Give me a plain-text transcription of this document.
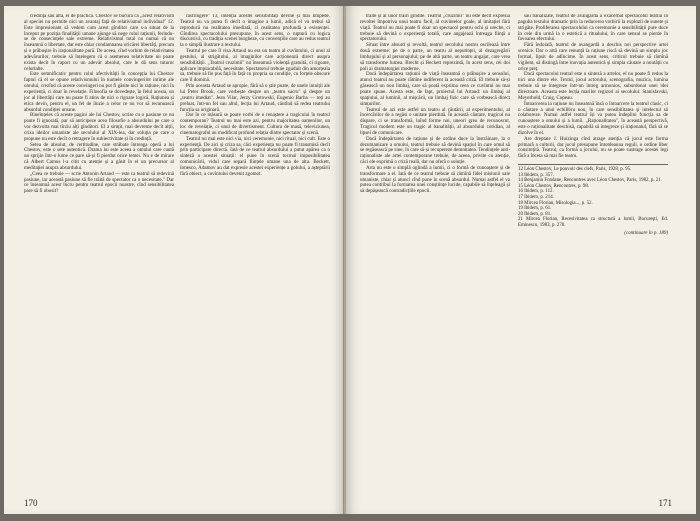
credință sau altă, el de practică. Chestov se bucură că „acest relativism al speciei nu permite nici un avantaj față de relativismul individual" 12. Este impresionant să vedem cum acest gînditor care s-a situat de la început pe poziția finalității umane ajunge să nege rolul rațiunii, ferindu-se de consecințele sale extreme. Relativismul total nu numai că nu înseamnă o libertate, dar este chiar condamnarea oricărei libertăți, precum și o prăbușire în iraționalitate pură. De aceea, cînd vorbim de relativitatea adevărurilor, trebuie să înțelegem că o asemenea relativitate nu poate exista decît în raport cu un adevăr absolut, care le dă sens tuturor celorlalte.

Este semnificativ pentru rolul afectivității în concepția lui Chestov faptul că el se opune relativismului în numele convingerilor intime ale omului, crezînd că aceste convingeri nu pot fi găsite nici în rațiune, nici în experiență, ci doar în revelație. Filosofia se dovedește, în felul acesta, un joc al libertății care nu poate fi atins de nici o rigoare logică. Rațiunea și etica devin, pentru el, un fel de iluzie a celor ce nu vor să recunoască absurdul condiției umane.

Bineînțeles că aceste pagini ale lui Chestov, scrise cu o pasiune ce nu poate fi ignorată, par să anticipeze acea filosofie a absurdului pe care o vor dezvolta mai tîrziu alți gînditori. El a simțit, mai devreme decît alții, criza ideilor umaniste ale secolului al XIX-lea, dar soluția pe care o propune nu este decît o retragere în subiectivitate și în credință.

Setea de absolut, de certitudine, care străbate întreaga operă a lui Chestov, este o sete autentică. Drama lui este aceea a omului care caută un sprijin într-o lume ce pare să-și fi pierdut orice temei. Nu e de mirare că Albert Camus l-a citit cu atenție și a găsit în el un precursor al meditației asupra absurdului.

„Ceea ce trebuie — scrie Antonin Artaud — este ca teatrul să redevină pasiune, iar această pasiune să fie trăită de spectator ca o necesitate." Dar ce înseamnă acest lucru pentru teatrul epocii noastre, cînd sensibilitatea pare să fi obosit?

răsfrîngere" 13, intenția acestei sensibilități devine și mai limpede. Teatrul nu va putea fi decît o imagine a lumii, adică el va trebui să reproducă nu realitatea imediată, ci realitatea profundă a existenței. Gîndirea spectacolului presupune, în acest sens, o ruptură cu logica discursivă, cu tradiția scenei burgheze, cu convențiile care au redus teatrul la o simplă ilustrare a textului.

Teatrul pe care îl visa Artaud nu era un teatru al cuvîntului, ci unul al gestului, al strigătului, al imaginilor care acționează direct asupra sensibilității. „Teatrul cruzimii" nu înseamnă violență gratuită, ci rigoare, aplicare implacabilă, necesitate. Spectatorul trebuie zguduit din amorțeala sa, trebuie să fie pus față în față cu propria sa condiție, cu forțele obscure care îl domină.

Prin aceasta Artaud se apropie, fără să o știe poate, de unele intuiții ale lui Peter Brook, care vorbește despre un „teatru sacru" și despre un „teatru imediat". Jean Vilar, Jerzy Grotowski, Eugenio Barba — toți au preluat, într-un fel sau altul, lecția lui Artaud, căutînd să redea teatrului funcția sa originară.

Dar în ce măsură se poate vorbi de o renaștere a tragicului în teatrul contemporan? Teatrul nu mai este azi, pentru majoritatea oamenilor, un loc de revelație, ci unul de divertisment. Cultura de masă, televiziunea, cinematograful au modificat profund relația dintre spectator și scenă.

Teatrul nu mai este nici via, nici ceremonie, nici ritual, nici cult. Este o experiență. De aici și criza sa, căci experiența nu poate fi transmisă decît prin participare directă. Iată de ce teatrul absurdului a putut apărea ca o sinteză a acestei situații: el pune în scenă tocmai imposibilitatea comunicării, vidul care separă ființele umane una de alta. Beckett, Ionesco, Adamov au dat expresie acestei experiențe a golului, a așteptării fără obiect, a cuvîntului devenit zgomot.

170

trăite și al unor trăiri gîndite. Teatrul „cruzimii" nu este decît expresia revoltei împotriva unui teatru facil, al cuvintelor goale, al imitației fără viață. Teatrul nu mai poate fi doar un spectacol pentru ochi și ureche, ci trebuie să devină o experiență totală, care angajează întreaga ființă a spectatorului.

Situat între absurd și revoltă, teatrul secolului nostru oscilează între două extreme: pe de o parte, un teatru al neputinței, al dezagregării limbajului și al personajului; pe de altă parte, un teatru angajat, care vrea să transforme lumea. Brecht și Beckett reprezintă, în acest sens, cei doi poli ai dramaturgiei moderne.

Dacă îndepărtarea rațiunii de viață înseamnă o prăbușire a sensului, atunci teatrul nu poate rămîne indiferent la această criză. El trebuie să-și găsească un nou limbaj, care să poată exprima ceea ce cuvîntul nu mai poate spune. Acesta este, de fapt, proiectul lui Artaud: un limbaj al spațiului, al luminii, al mișcării, un limbaj fizic care să vorbească direct simțurilor.

Teatrul de azi este astfel un teatru al căutării, al experimentului, al încercărilor de a regăsi o unitate pierdută. În această căutare, tragicul nu dispare, ci se transformă, luînd forme noi, uneori greu de recunoscut. Tragicul modern este un tragic al banalității, al absurdului cotidian, al lipsei de comunicare.

Dacă îndepărtarea de rațiune și de ordine duce la înstrăinare, la o dezumanizare a omului, teatrul trebuie să devină spațiul în care omul să se regăsească pe sine, în care să-și recupereze demnitatea. Tendințele anti-raționaliste ale artei contemporane trebuie, de aceea, privite cu atenție, căci ele exprimă o criză reală, dar nu oferă o soluție.

Arta nu este o simplă oglindă a lumii, ci o formă de cunoaștere și de transformare a ei. Iată de ce teatrul trebuie să rămînă fidel misiunii sale umaniste, chiar și atunci cînd pune în scenă absurdul. Numai astfel el va putea contribui la formarea unei conștiințe lucide, capabile să înțeleagă și să depășească contradicțiile epocii.

sau banalizate, teatrul de avangardă a exacerbat spectacolul teatral în paguba textului dramatic prin la reducerea vorbirii la explozii de sunete și strigăte. Proliferarea spectacolului ca ceremonie a sensibilității pure duce în cele din urmă la o estetică a ritualului, în care sensul se pierde în favoarea efectului.

Fără îndoială, teatrul de avangardă a deschis noi perspective artei scenice. Dar o artă care renunță la rațiune riscă să devină un simplu joc formal, lipsit de adîncime. În acest sens, criticul trebuie să rămînă vigilent, să distingă între inovația autentică și simpla căutare a noutății cu orice preț.

Dacă spectacolul teatral este o sinteză a artelor, el nu poate fi redus la nici una dintre ele. Textul, jocul actorului, scenografia, muzica, lumina trebuie să se integreze într-un întreg armonios, subordonat unei idei directoare. Aceasta este lecția marilor regizori ai secolului: Stanislavski, Meyerhold, Craig, Copeau.

Întoarcerea la rațiune nu înseamnă însă o întoarcere la teatrul clasic, ci o căutare a unui echilibru nou, în care sensibilitatea și intelectul să colaboreze. Numai astfel teatrul își va putea îndeplini funcția sa de cunoaștere a omului și a lumii. „Raționalitatea", în această perspectivă, este o raționalitate deschisă, capabilă să integreze și iraționalul, fără să se dizolve în el.

Are dreptate J. Huizinga cînd atrage atenția că jocul este forma primară a culturii, dar jocul presupune întotdeauna reguli, o ordine liber consimțită. Teatrul, ca formă a jocului, nu se poate sustrage acestei legi fără a înceta să mai fie teatru.

12 Léon Chestov, Le pouvoir des clefs, Paris, 1928, p. 95.
13 Ibidem, p. 357.
14 Benjamin Fondane, Rencontres avec Léon Chestov, Paris, 1982, p. 21.
15 Léon Chestov, Rencontres, p. 98.
16 Ibidem, p. 112.
17 Ibidem, p. 214.
18 Mircea Florian, Misologia..., p. 52.
19 Ibidem, p. 61.
20 Ibidem, p. 81.
21 Mircea Florian, Recesivitatea ca structură a lumii, București, Ed. Eminescu, 1983, p. 278.
(continuare în p. 189)
171
